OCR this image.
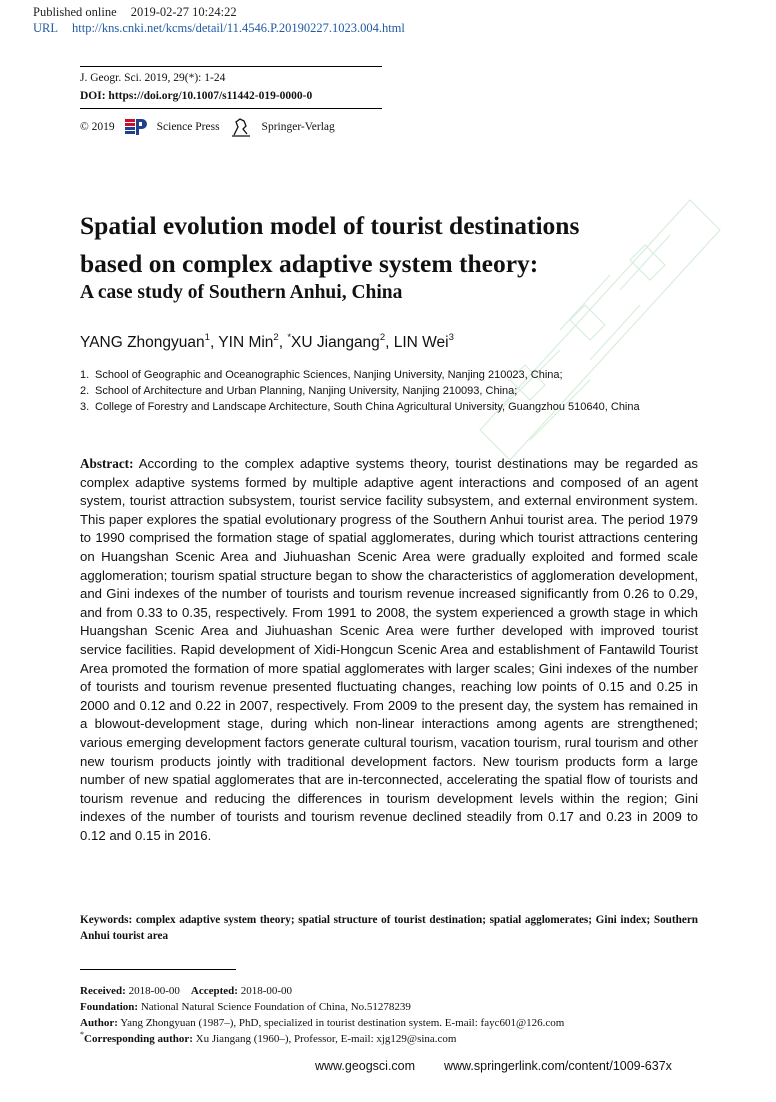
Published online 2019-02-27 10:24:22
URL http://kns.cnki.net/kcms/detail/11.4546.P.20190227.1023.004.html
J. Geogr. Sci. 2019, 29(*): 1-24
DOI: https://doi.org/10.1007/s11442-019-0000-0
© 2019	Science Press	Springer-Verlag
Spatial evolution model of tourist destinations
based on complex adaptive system theory:
A case study of Southern Anhui, China
YANG Zhongyuan$^1$, YIN Min$^2$, *XU Jiangang$^2$, LIN Wei$^3$
1. School of Geographic and Oceanographic Sciences, Nanjing University, Nanjing 210023, China;
2. School of Architecture and Urban Planning, Nanjing University, Nanjing 210093, China;
3. College of Forestry and Landscape Architecture, South China Agricultural University, Guangzhou 510640, China
Abstract: According to the complex adaptive systems theory, tourist destinations may be regarded as complex adaptive systems formed by multiple adaptive agent interactions and composed of an agent system, tourist attraction subsystem, tourist service facility subsystem, and external environment system. This paper explores the spatial evolutionary progress of the Southern Anhui tourist area. The period 1979 to 1990 comprised the formation stage of spatial agglomerates, during which tourist attractions centering on Huangshan Scenic Area and Jiuhuashan Scenic Area were gradually exploited and formed scale agglomeration; tourism spatial structure began to show the characteristics of agglomeration development, and Gini indexes of the number of tourists and tourism revenue increased significantly from 0.26 to 0.29, and from 0.33 to 0.35, respectively. From 1991 to 2008, the system experienced a growth stage in which Huangshan Scenic Area and Jiuhuashan Scenic Area were further developed with improved tourist service facilities. Rapid development of Xidi-Hongcun Scenic Area and establishment of Fantawild Tourist Area promoted the formation of more spatial agglomerates with larger scales; Gini indexes of the number of tourists and tourism revenue presented fluctuating changes, reaching low points of 0.15 and 0.25 in 2000 and 0.12 and 0.22 in 2007, respectively. From 2009 to the present day, the system has remained in a blowout-development stage, during which non-linear interactions among agents are strengthened; various emerging development factors generate cultural tourism, vacation tourism, rural tourism and other new tourism products jointly with traditional development factors. New tourism products form a large number of new spatial agglomerates that are in-terconnected, accelerating the spatial flow of tourists and tourism revenue and reducing the differences in tourism development levels within the region; Gini indexes of the number of tourists and tourism revenue declined steadily from 0.17 and 0.23 in 2009 to 0.12 and 0.15 in 2016.
Keywords: complex adaptive system theory; spatial structure of tourist destination; spatial agglomerates; Gini index; Southern Anhui tourist area
Received: 2018-00-00 Accepted: 2018-00-00
Foundation: National Natural Science Foundation of China, No.51278239
Author: Yang Zhongyuan (1987–), PhD, specialized in tourist destination system. E-mail: fayc601@126.com
*Corresponding author: Xu Jiangang (1960–), Professor, E-mail: xjg129@sina.com
www.geogsci.com www.springerlink.com/content/1009-637x
